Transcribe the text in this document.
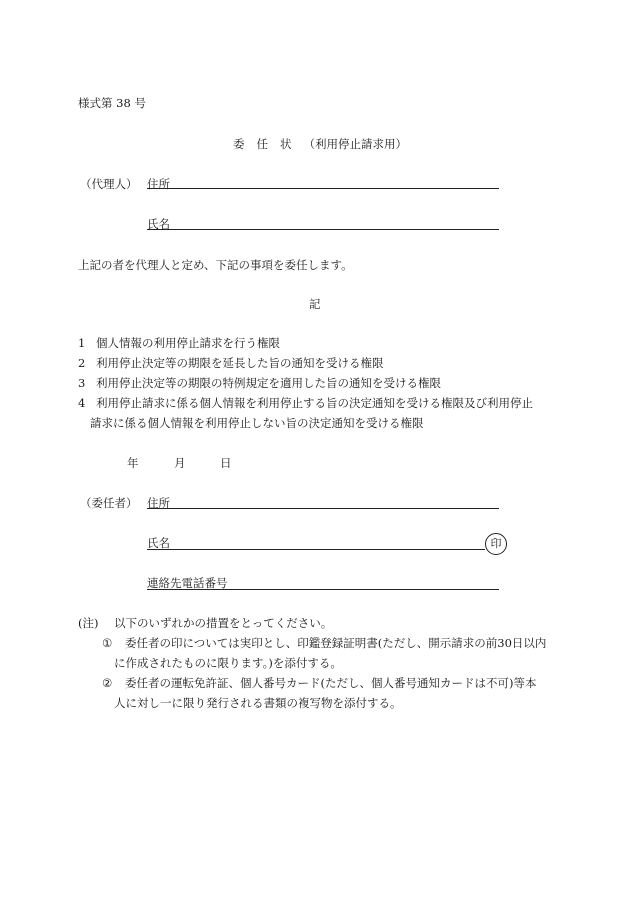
様式第 38 号
委 任 状 （利用停止請求用）
（代理人） 住所
氏名
上記の者を代理人と定め、下記の事項を委任します。
記
1 個人情報の利用停止請求を行う権限
2 利用停止決定等の期限を延長した旨の通知を受ける権限
3 利用停止決定等の期限の特例規定を適用した旨の通知を受ける権限
4 利用停止請求に係る個人情報を利用停止する旨の決定通知を受ける権限及び利用停止
請求に係る個人情報を利用停止しない旨の決定通知を受ける権限
年	月	日
（委任者） 住所
氏名	印
連絡先電話番号
(注) 以下のいずれかの措置をとってください。
① 委任者の印については実印とし、印鑑登録証明書(ただし、開示請求の前30日以内
に作成されたものに限ります。)を添付する。
② 委任者の運転免許証、個人番号カード(ただし、個人番号通知カードは不可)等本
人に対し一に限り発行される書類の複写物を添付する。
